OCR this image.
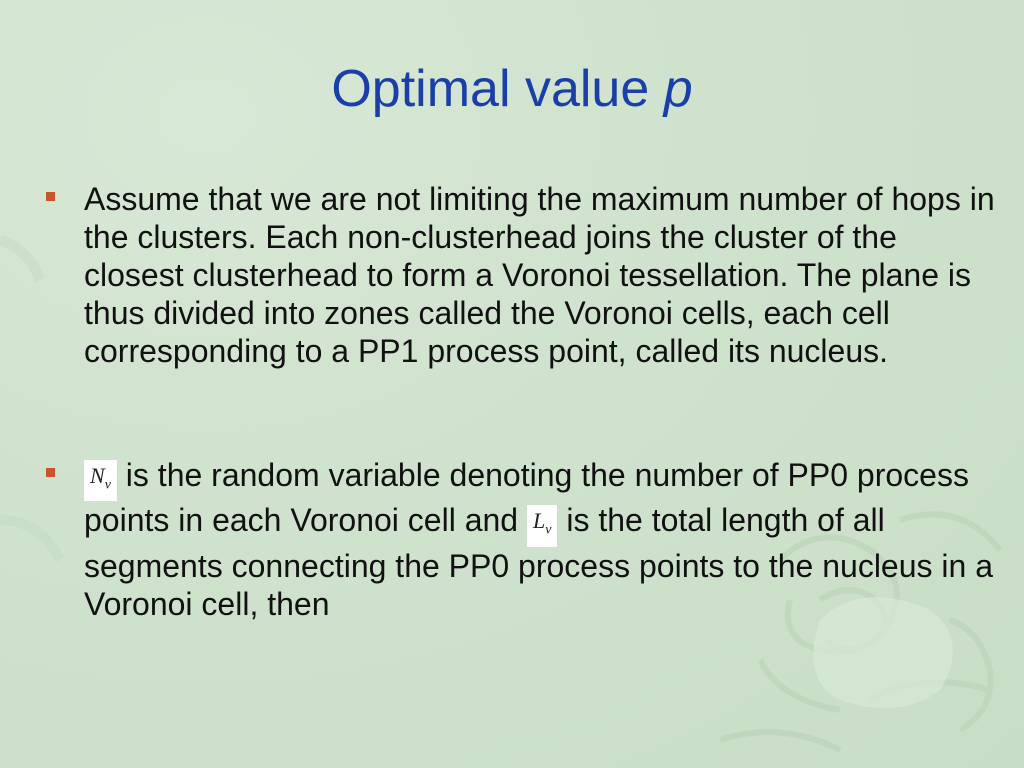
Optimal value p
Assume that we are not limiting the maximum number of hops in the clusters. Each non-clusterhead joins the cluster of the closest clusterhead to form a Voronoi tessellation. The plane is thus divided into zones called the Voronoi cells, each cell corresponding to a PP1 process point, called its nucleus.
$N_v$ is the random variable denoting the number of PP0 process points in each Voronoi cell and $L_v$ is the total length of all segments connecting the PP0 process points to the nucleus in a Voronoi cell, then
